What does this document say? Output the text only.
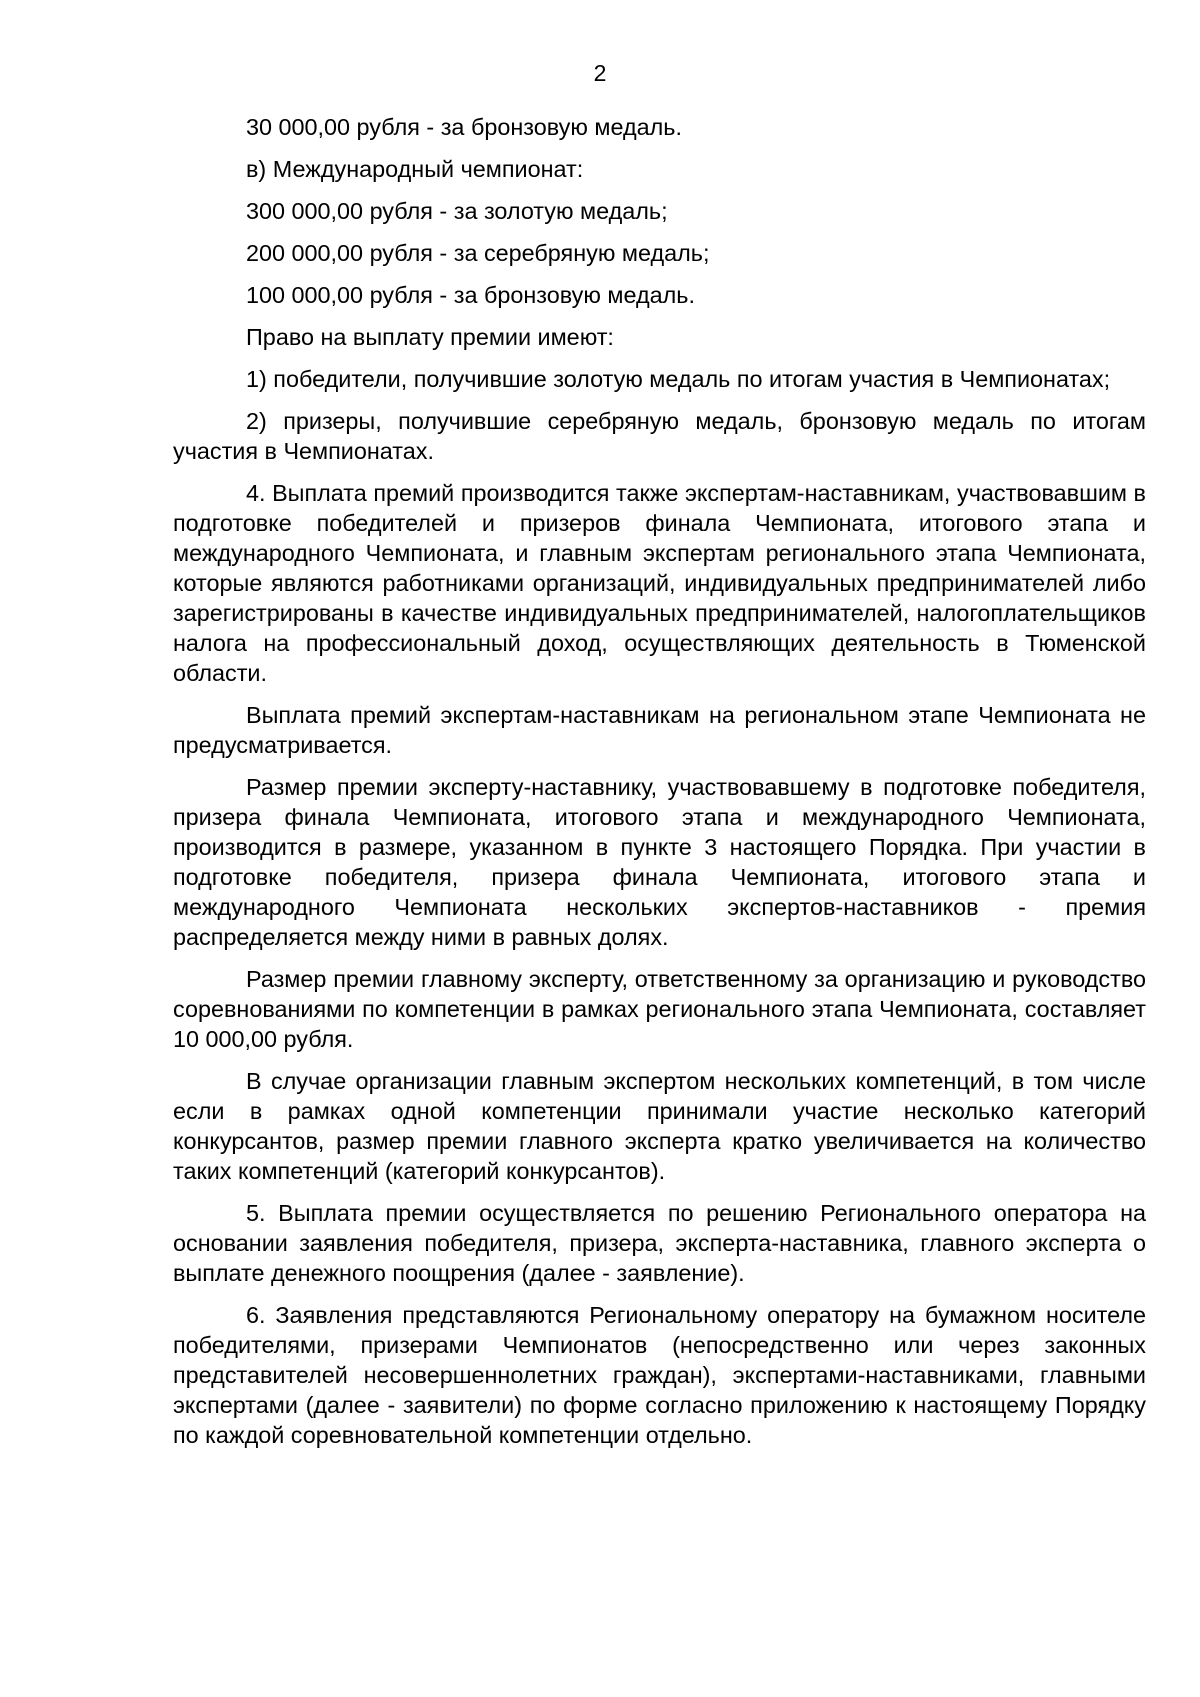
2

30 000,00 рубля - за бронзовую медаль.

в) Международный чемпионат:

300 000,00 рубля - за золотую медаль;

200 000,00 рубля - за серебряную медаль;

100 000,00 рубля - за бронзовую медаль.

Право на выплату премии имеют:

1) победители, получившие золотую медаль по итогам участия в Чемпионатах;

2) призеры, получившие серебряную медаль, бронзовую медаль по итогам участия в Чемпионатах.

4. Выплата премий производится также экспертам-наставникам, участвовавшим в подготовке победителей и призеров финала Чемпионата, итогового этапа и международного Чемпионата, и главным экспертам регионального этапа Чемпионата, которые являются работниками организаций, индивидуальных предпринимателей либо зарегистрированы в качестве индивидуальных предпринимателей, налогоплательщиков налога на профессиональный доход, осуществляющих деятельность в Тюменской области.

Выплата премий экспертам-наставникам на региональном этапе Чемпионата не предусматривается.

Размер премии эксперту-наставнику, участвовавшему в подготовке победителя, призера финала Чемпионата, итогового этапа и международного Чемпионата, производится в размере, указанном в пункте 3 настоящего Порядка. При участии в подготовке победителя, призера финала Чемпионата, итогового этапа и международного Чемпионата нескольких экспертов-наставников - премия распределяется между ними в равных долях.

Размер премии главному эксперту, ответственному за организацию и руководство соревнованиями по компетенции в рамках регионального этапа Чемпионата, составляет 10 000,00 рубля.

В случае организации главным экспертом нескольких компетенций, в том числе если в рамках одной компетенции принимали участие несколько категорий конкурсантов, размер премии главного эксперта кратко увеличивается на количество таких компетенций (категорий конкурсантов).

5. Выплата премии осуществляется по решению Регионального оператора на основании заявления победителя, призера, эксперта-наставника, главного эксперта о выплате денежного поощрения (далее - заявление).

6. Заявления представляются Региональному оператору на бумажном носителе победителями, призерами Чемпионатов (непосредственно или через законных представителей несовершеннолетних граждан), экспертами-наставниками, главными экспертами (далее - заявители) по форме согласно приложению к настоящему Порядку по каждой соревновательной компетенции отдельно.
